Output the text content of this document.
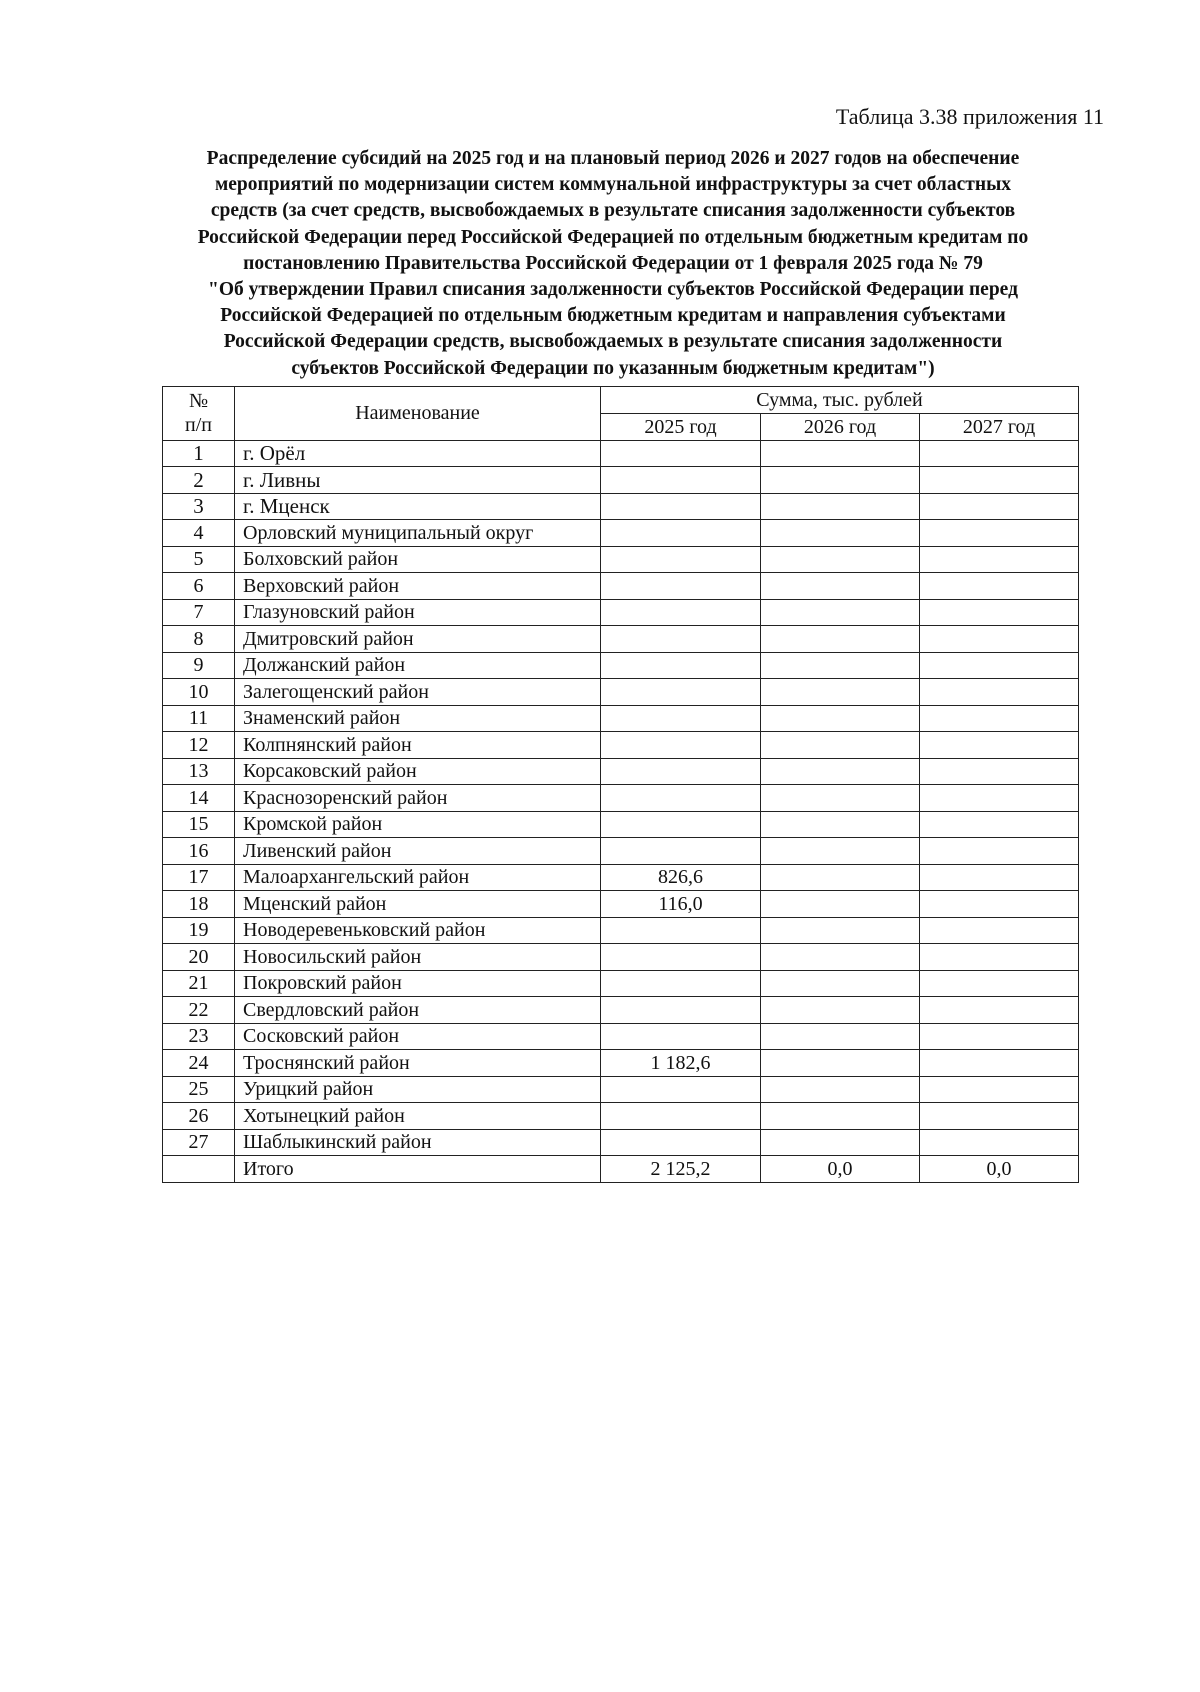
Таблица 3.38 приложения 11
Распределение субсидий на 2025 год и на плановый период 2026 и 2027 годов на обеспечение
мероприятий по модернизации систем коммунальной инфраструктуры за счет областных
средств (за счет средств, высвобождаемых в результате списания задолженности субъектов
Российской Федерации перед Российской Федерацией по отдельным бюджетным кредитам по
постановлению Правительства Российской Федерации от 1 февраля 2025 года № 79
"Об утверждении Правил списания задолженности субъектов Российской Федерации перед
Российской Федерацией по отдельным бюджетным кредитам и направления субъектами
Российской Федерации средств, высвобождаемых в результате списания задолженности
субъектов Российской Федерации по указанным бюджетным кредитам")
№
п/п	Наименование	Сумма, тыс. рублей		
		2025 год	2026 год	2027 год
1	г. Орёл			
2	г. Ливны			
3	г. Мценск			
4	Орловский муниципальный округ			
5	Болховский район			
6	Верховский район			
7	Глазуновский район			
8	Дмитровский район			
9	Должанский район			
10	Залегощенский район			
11	Знаменский район			
12	Колпнянский район			
13	Корсаковский район			
14	Краснозоренский район			
15	Кромской район			
16	Ливенский район			
17	Малоархангельский район	826,6		
18	Мценский район	116,0		
19	Новодеревеньковский район			
20	Новосильский район			
21	Покровский район			
22	Свердловский район			
23	Сосковский район			
24	Троснянский район	1 182,6		
25	Урицкий район			
26	Хотынецкий район			
27	Шаблыкинский район			
	Итого	2 125,2	0,0	0,0
